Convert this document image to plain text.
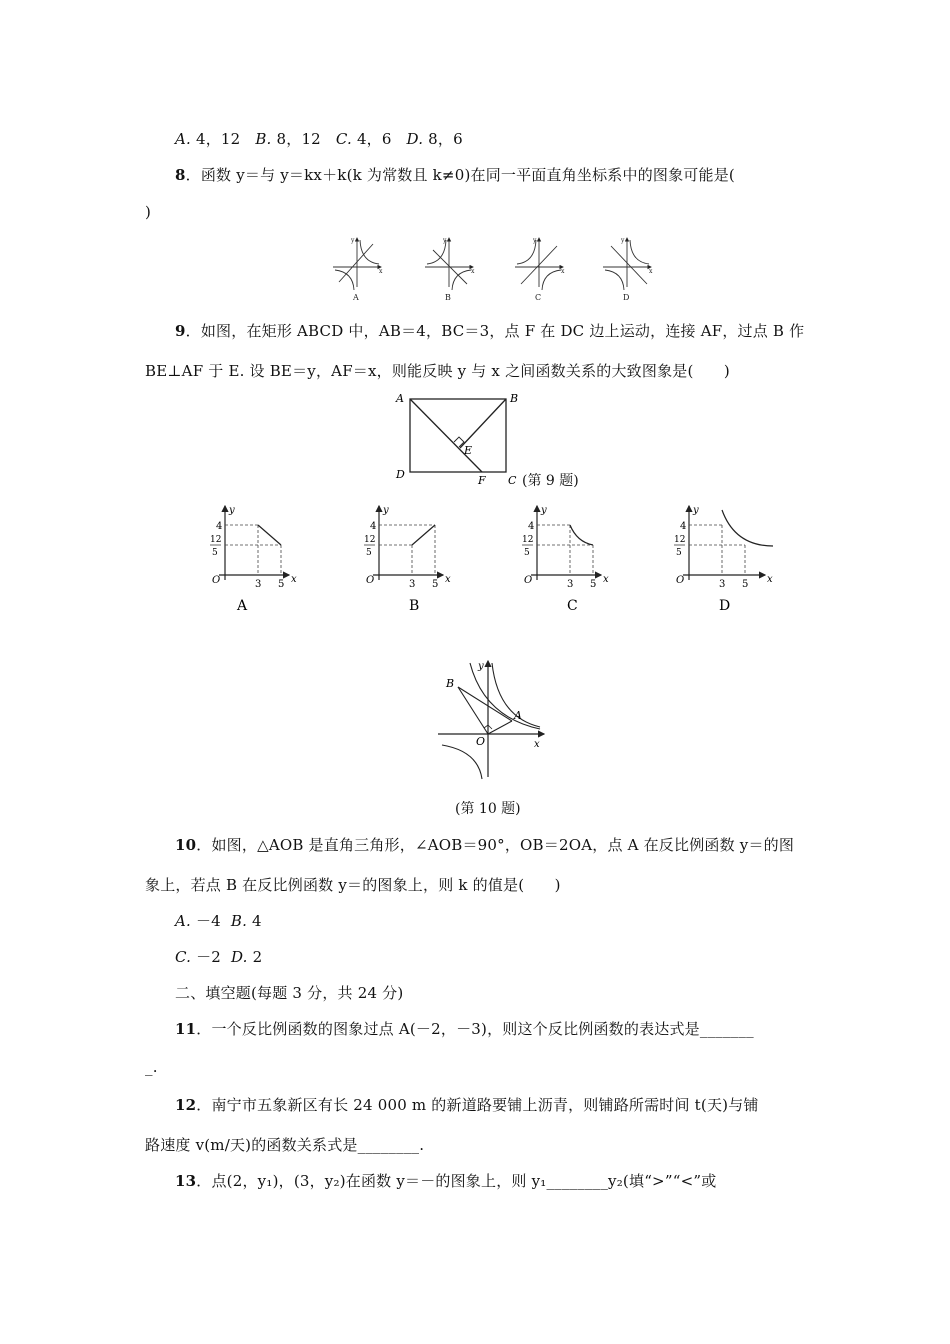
A. 4，12 B. 8，12 C. 4，6 D. 8，6
8．函数 y＝与 y＝kx＋k(k 为常数且 k≠0)在同一平面直角坐标系中的图象可能是(
)
y
x
A
y
x
B
y
x
C
y
x
D
9．如图，在矩形 ABCD 中，AB＝4，BC＝3，点 F 在 DC 边上运动，连接 AF，过点 B 作
BE⊥AF 于 E. 设 BE＝y，AF＝x，则能反映 y 与 x 之间函数关系的大致图象是(　　)
A	B
C
D
E
F	(第 9 题)
y
x
O
4
12
5
3 5
A
y
x
O
4
12
5
3 5
B
y
x
O
4
12
5
3 5
C
y
x
O
4
12
5
3 5
D
B
A
O	x
y
(第 10 题)
10．如图，△AOB 是直角三角形，∠AOB＝90°，OB＝2OA，点 A 在反比例函数 y＝的图
象上，若点 B 在反比例函数 y＝的图象上，则 k 的值是(　　)
A. －4 B. 4
C. －2 D. 2
二、填空题(每题 3 分，共 24 分)
11．一个反比例函数的图象过点 A(－2，－3)，则这个反比例函数的表达式是_______
_.
12．南宁市五象新区有长 24 000 m 的新道路要铺上沥青，则铺路所需时间 t(天)与铺
路速度 v(m/天)的函数关系式是________.
13．点(2，y₁)，(3，y₂)在函数 y＝－的图象上，则 y₁________y₂(填“>”“<”或
